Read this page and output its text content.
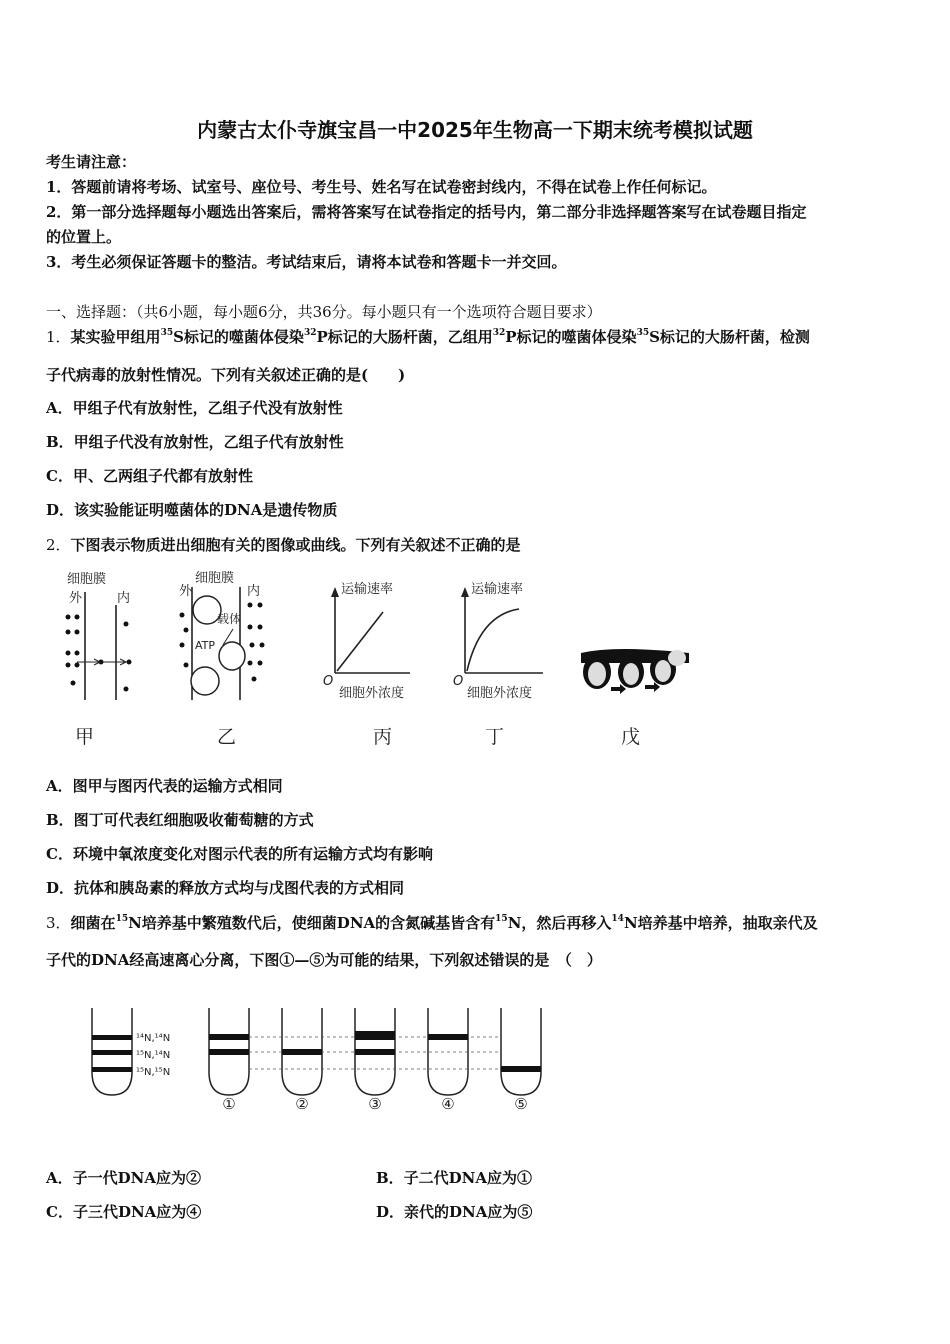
内蒙古太仆寺旗宝昌一中2025年生物高一下期末统考模拟试题
考生请注意：
1．答题前请将考场、试室号、座位号、考生号、姓名写在试卷密封线内，不得在试卷上作任何标记。
2．第一部分选择题每小题选出答案后，需将答案写在试卷指定的括号内，第二部分非选择题答案写在试卷题目指定
的位置上。
3．考生必须保证答题卡的整洁。考试结束后，请将本试卷和答题卡一并交回。
一、选择题：（共6小题，每小题6分，共36分。每小题只有一个选项符合题目要求）
1．某实验甲组用$^{35}$S标记的噬菌体侵染$^{32}$P标记的大肠杆菌，乙组用$^{32}$P标记的噬菌体侵染$^{35}$S标记的大肠杆菌，检测
子代病毒的放射性情况。下列有关叙述正确的是(　　)
A．甲组子代有放射性，乙组子代没有放射性
B．甲组子代没有放射性，乙组子代有放射性
C．甲、乙两组子代都有放射性
D．该实验能证明噬菌体的DNA是遗传物质
2．下图表示物质进出细胞有关的图像或曲线。下列有关叙述不正确的是
细胞膜
外	内
甲
细胞膜
外	内
载体
ATP
乙
运输速率
O
细胞外浓度
丙
运输速率
O
细胞外浓度
丁	戊
A．图甲与图丙代表的运输方式相同
B．图丁可代表红细胞吸收葡萄糖的方式
C．环境中氧浓度变化对图示代表的所有运输方式均有影响
D．抗体和胰岛素的释放方式均与戊图代表的方式相同
3．细菌在$^{15}$N培养基中繁殖数代后，使细菌DNA的含氮碱基皆含有$^{15}$N，然后再移入$^{14}$N培养基中培养，抽取亲代及
子代的DNA经高速离心分离，下图①—⑤为可能的结果，下列叙述错误的是　（　）
¹⁴N,¹⁴N
¹⁵N,¹⁴N
¹⁵N,¹⁵N
①	②	③	④	⑤
A．子一代DNA应为②	B．子二代DNA应为①
C．子三代DNA应为④	D．亲代的DNA应为⑤
